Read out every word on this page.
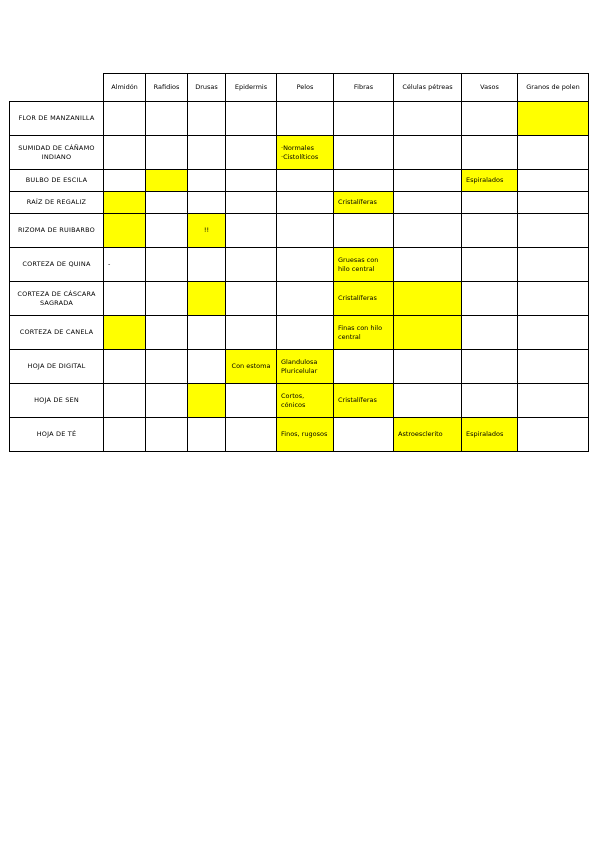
	Almidón	Rafidios	Drusas	Epidermis	Pelos	Fibras	Células pétreas	Vasos	Granos de polen
FLOR DE MANZANILLA									
SUMIDAD DE CÁÑAMO INDIANO					·Normales ·Cistolíticos				
BULBO DE ESCILA								Espiralados	
RAÍZ DE REGALIZ						Cristalíferas			
RIZOMA DE RUIBARBO			!!						
CORTEZA DE QUINA	-					Gruesas con hilo central			
CORTEZA DE CÁSCARA SAGRADA						Cristalíferas			
CORTEZA DE CANELA						Finas con hilo central			
HOJA DE DIGITAL				Con estoma	Glandulosa Pluricelular				
HOJA DE SEN					Cortos, cónicos	Cristalíferas			
HOJA DE TÉ					Finos, rugosos		Astroesclerito	Espiralados	
